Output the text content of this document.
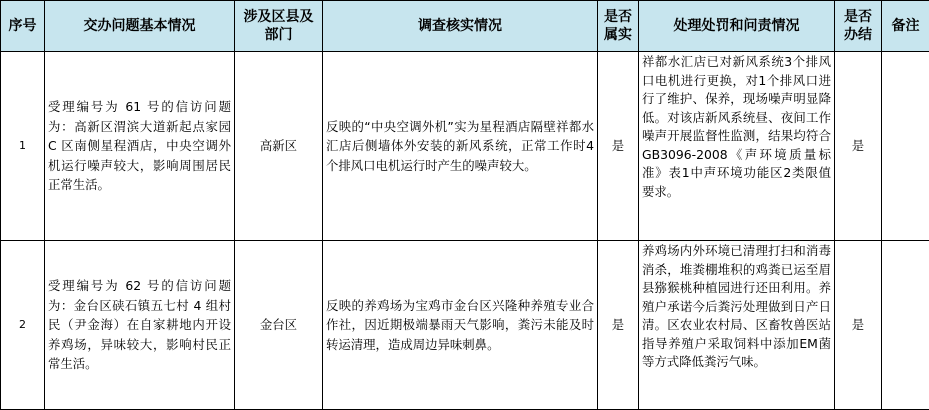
序号	交办问题基本情况	涉及区县及部门	调查核实情况	是否属实	处理处罚和问责情况	是否办结	备注
1	受理编号为 61 号的信访问题为：高新区渭滨大道新起点家园 C 区南侧星程酒店，中央空调外机运行噪声较大，影响周围居民正常生活。	高新区	反映的“中央空调外机”实为星程酒店隔壁祥都水汇店后侧墙体外安装的新风系统，正常工作时4个排风口电机运行时产生的噪声较大。	是	祥都水汇店已对新风系统3个排风口电机进行更换，对1个排风口进行了维护、保养，现场噪声明显降低。对该店新风系统昼、夜间工作噪声开展监督性监测，结果均符合GB3096-2008《声环境质量标准》表1中声环境功能区2类限值要求。	是	
2	受理编号为 62 号的信访问题为：金台区硖石镇五七村 4 组村民（尹金海）在自家耕地内开设养鸡场，异味较大，影响村民正常生活。	金台区	反映的养鸡场为宝鸡市金台区兴隆种养殖专业合作社，因近期极端暴雨天气影响，粪污未能及时转运清理，造成周边异味刺鼻。	是	养鸡场内外环境已清理打扫和消毒消杀，堆粪棚堆积的鸡粪已运至眉县猕猴桃种植园进行还田利用。养殖户承诺今后粪污处理做到日产日清。区农业农村局、区畜牧兽医站指导养殖户采取饲料中添加EM菌等方式降低粪污气味。	是	
